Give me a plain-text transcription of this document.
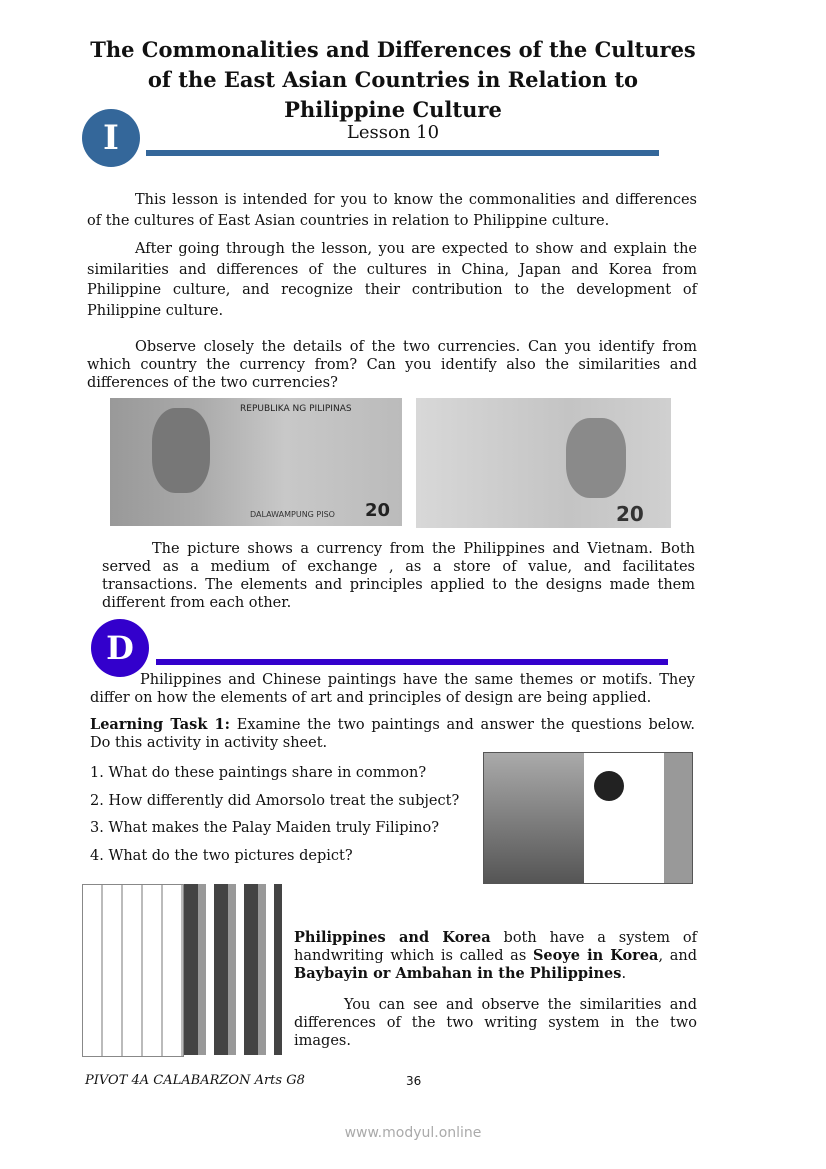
The Commonalities and Differences of the Cultures
of the East Asian Countries in Relation to
Philippine Culture
Lesson 10
I
This lesson is intended for you to know the commonalities and differences of the cultures of East Asian countries in relation to Philippine culture.
After going through the lesson, you are expected to show and explain the similarities and differences of the cultures in China, Japan and Korea from Philippine culture, and recognize their contribution to the development of Philippine culture.
Observe closely the details of the two currencies. Can you identify from which country the currency from? Can you identify also the similarities and differences of the two currencies?
REPUBLIKA NG PILIPINAS
DALAWAMPUNG PISO 20	20
The picture shows a currency from the Philippines and Vietnam. Both served as a medium of exchange , as a store of value, and facilitates transactions. The elements and principles applied to the designs made them different from each other.
D
Philippines and Chinese paintings have the same themes or motifs. They differ on how the elements of art and principles of design are being applied.
Learning Task 1: Examine the two paintings and answer the questions below. Do this activity in activity sheet.
1. What do these paintings share in common?
2. How differently did Amorsolo treat the subject?
3. What makes the Palay Maiden truly Filipino?
4. What do the two pictures depict?
Philippines and Korea both have a system of handwriting which is called as Seoye in Korea, and Baybayin or Ambahan in the Philippines.
You can see and observe the similarities and differences of the two writing system in the two images.
PIVOT 4A CALABARZON Arts G8	36
www.modyul.online
